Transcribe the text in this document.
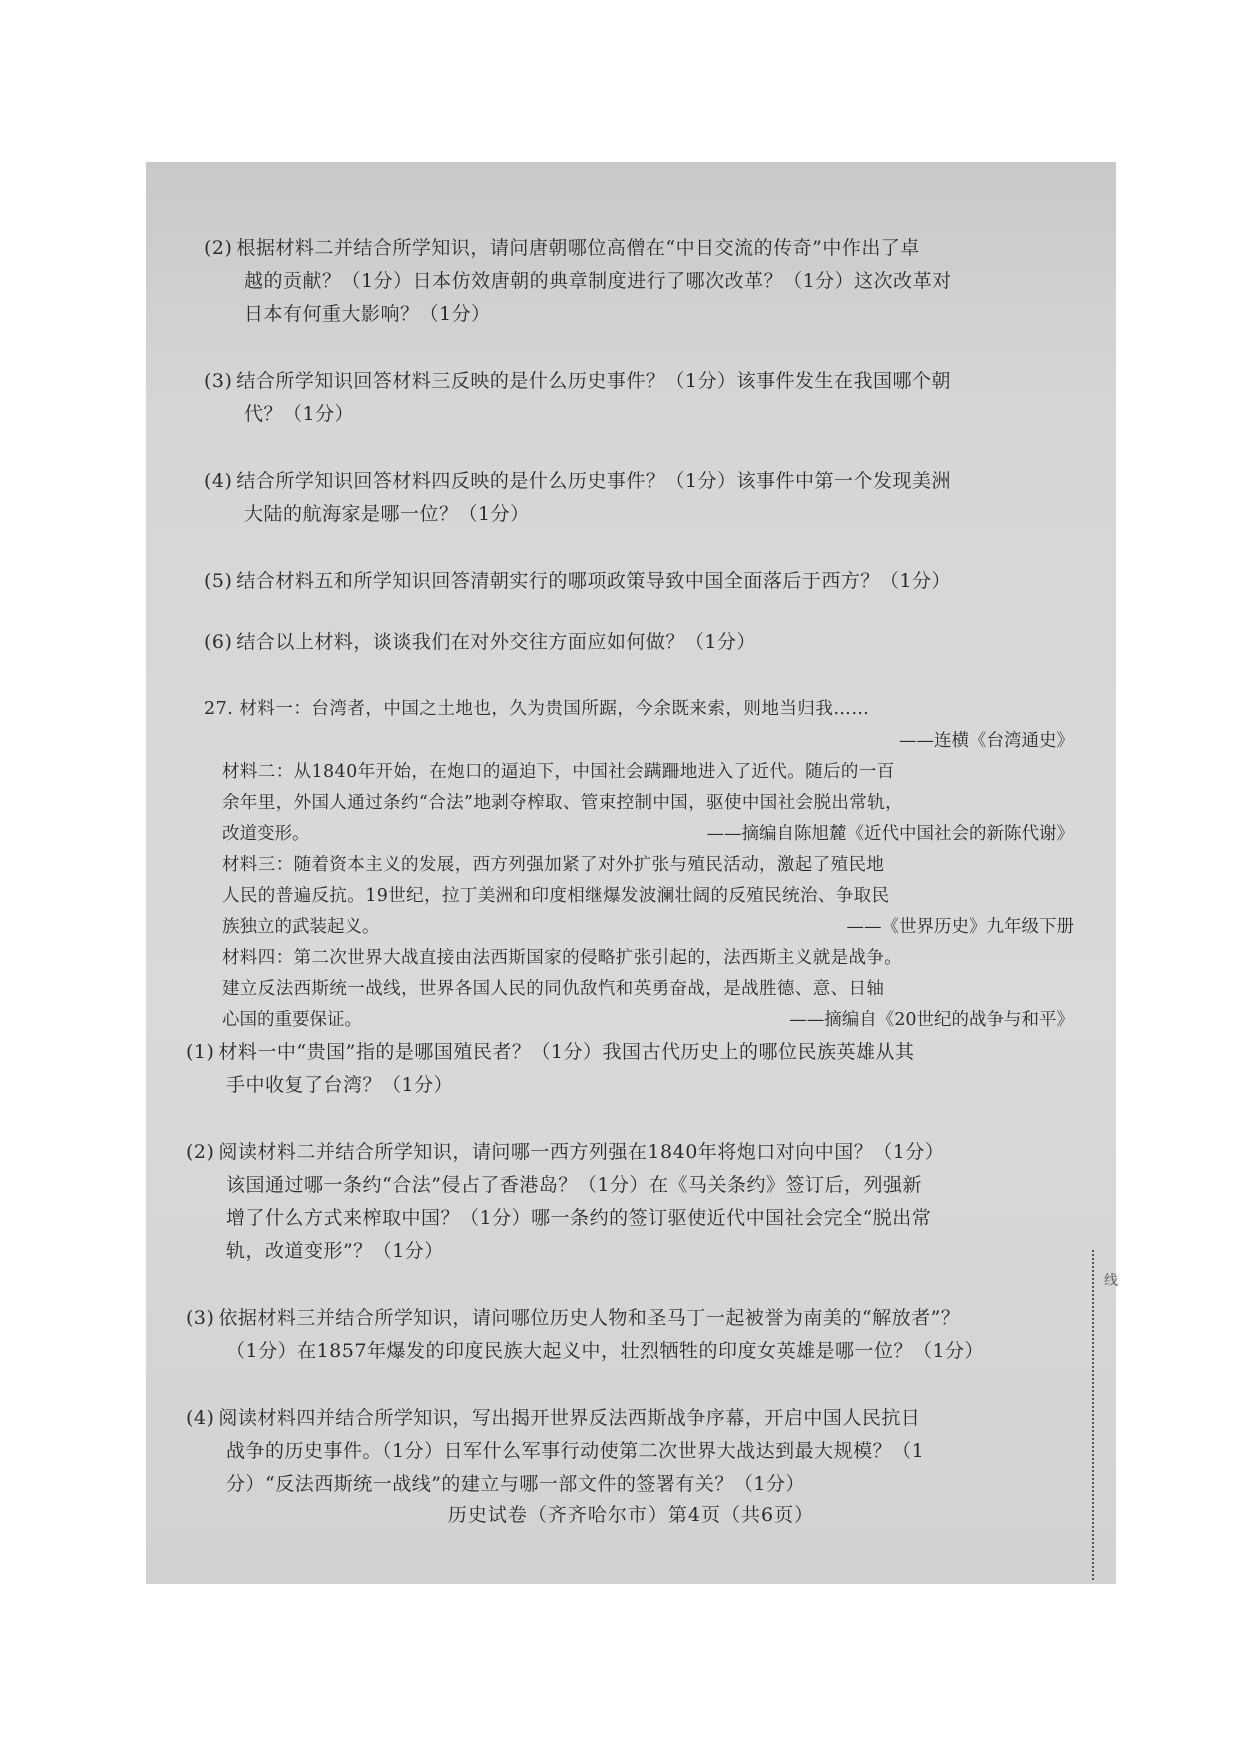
(2) 根据材料二并结合所学知识，请问唐朝哪位高僧在“中日交流的传奇”中作出了卓

越的贡献？（1分）日本仿效唐朝的典章制度进行了哪次改革？（1分）这次改革对

日本有何重大影响？（1分）

(3) 结合所学知识回答材料三反映的是什么历史事件？（1分）该事件发生在我国哪个朝

代？（1分）

(4) 结合所学知识回答材料四反映的是什么历史事件？（1分）该事件中第一个发现美洲

大陆的航海家是哪一位？（1分）

(5) 结合材料五和所学知识回答清朝实行的哪项政策导致中国全面落后于西方？（1分）

(6) 结合以上材料，谈谈我们在对外交往方面应如何做？（1分）

27. 材料一：台湾者，中国之土地也，久为贵国所踞，今余既来索，则地当归我……

——连横《台湾通史》

材料二：从1840年开始，在炮口的逼迫下，中国社会蹒跚地进入了近代。随后的一百

余年里，外国人通过条约“合法”地剥夺榨取、管束控制中国，驱使中国社会脱出常轨，

改道变形。	——摘编自陈旭麓《近代中国社会的新陈代谢》

材料三：随着资本主义的发展，西方列强加紧了对外扩张与殖民活动，激起了殖民地

人民的普遍反抗。19世纪，拉丁美洲和印度相继爆发波澜壮阔的反殖民统治、争取民

族独立的武装起义。	——《世界历史》九年级下册

材料四：第二次世界大战直接由法西斯国家的侵略扩张引起的，法西斯主义就是战争。

建立反法西斯统一战线，世界各国人民的同仇敌忾和英勇奋战，是战胜德、意、日轴

心国的重要保证。	——摘编自《20世纪的战争与和平》

(1) 材料一中“贵国”指的是哪国殖民者？（1分）我国古代历史上的哪位民族英雄从其

手中收复了台湾？（1分）

(2) 阅读材料二并结合所学知识，请问哪一西方列强在1840年将炮口对向中国？（1分）

该国通过哪一条约“合法”侵占了香港岛？（1分）在《马关条约》签订后，列强新

增了什么方式来榨取中国？（1分）哪一条约的签订驱使近代中国社会完全“脱出常

轨，改道变形”？（1分）

(3) 依据材料三并结合所学知识，请问哪位历史人物和圣马丁一起被誉为南美的“解放者”？

（1分）在1857年爆发的印度民族大起义中，壮烈牺牲的印度女英雄是哪一位？（1分）

(4) 阅读材料四并结合所学知识，写出揭开世界反法西斯战争序幕，开启中国人民抗日

战争的历史事件。（1分）日军什么军事行动使第二次世界大战达到最大规模？（1

分）“反法西斯统一战线”的建立与哪一部文件的签署有关？（1分）

历史试卷（齐齐哈尔市）第4页（共6页）
线
